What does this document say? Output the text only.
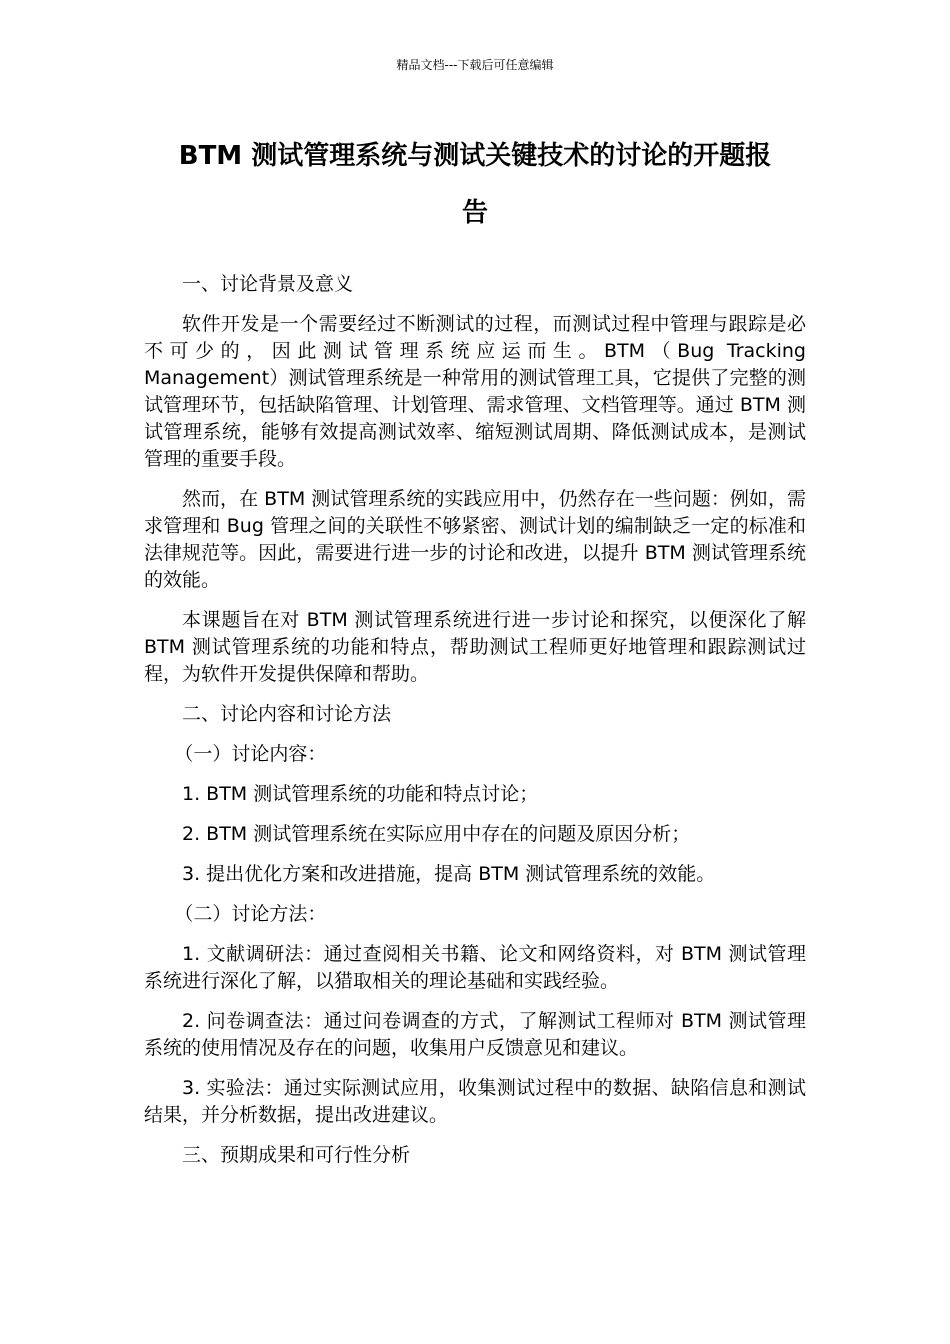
精品文档---下载后可任意编辑
BTM 测试管理系统与测试关键技术的讨论的开题报
告

一、讨论背景及意义

软件开发是一个需要经过不断测试的过程，而测试过程中管理与跟踪是必不可少的，因此测试管理系统应运而生。BTM（Bug Tracking Management）测试管理系统是一种常用的测试管理工具，它提供了完整的测试管理环节，包括缺陷管理、计划管理、需求管理、文档管理等。通过 BTM 测试管理系统，能够有效提高测试效率、缩短测试周期、降低测试成本，是测试管理的重要手段。

然而，在 BTM 测试管理系统的实践应用中，仍然存在一些问题：例如，需求管理和 Bug 管理之间的关联性不够紧密、测试计划的编制缺乏一定的标准和法律规范等。因此，需要进行进一步的讨论和改进，以提升 BTM 测试管理系统的效能。

本课题旨在对 BTM 测试管理系统进行进一步讨论和探究，以便深化了解 BTM 测试管理系统的功能和特点，帮助测试工程师更好地管理和跟踪测试过程，为软件开发提供保障和帮助。

二、讨论内容和讨论方法

（一）讨论内容：

1. BTM 测试管理系统的功能和特点讨论；

2. BTM 测试管理系统在实际应用中存在的问题及原因分析；

3. 提出优化方案和改进措施，提高 BTM 测试管理系统的效能。

（二）讨论方法：

1. 文献调研法：通过查阅相关书籍、论文和网络资料，对 BTM 测试管理系统进行深化了解，以猎取相关的理论基础和实践经验。

2. 问卷调查法：通过问卷调查的方式，了解测试工程师对 BTM 测试管理系统的使用情况及存在的问题，收集用户反馈意见和建议。

3. 实验法：通过实际测试应用，收集测试过程中的数据、缺陷信息和测试结果，并分析数据，提出改进建议。

三、预期成果和可行性分析
